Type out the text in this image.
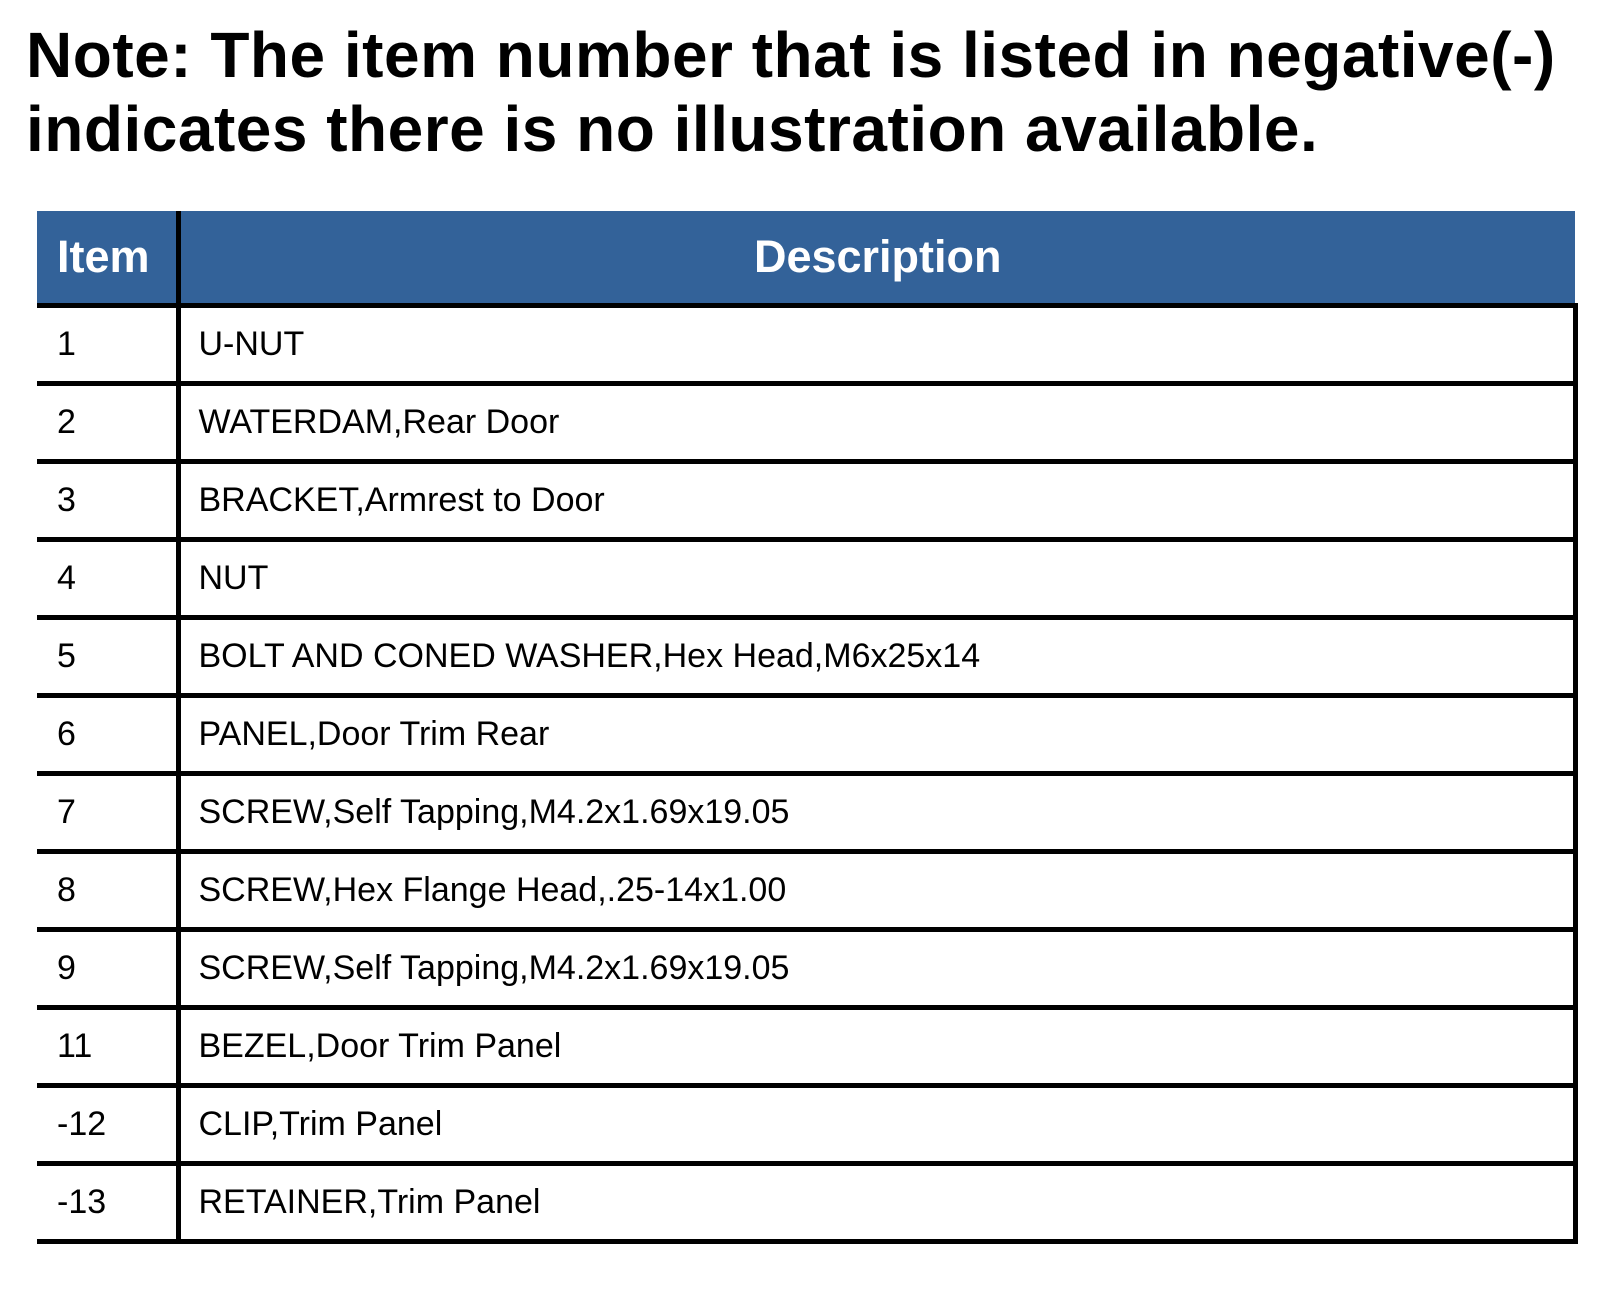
Note: The item number that is listed in negative(-)
indicates there is no illustration available.
Item	Description
1	U-NUT
2	WATERDAM,Rear Door
3	BRACKET,Armrest to Door
4	NUT
5	BOLT AND CONED WASHER,Hex Head,M6x25x14
6	PANEL,Door Trim Rear
7	SCREW,Self Tapping,M4.2x1.69x19.05
8	SCREW,Hex Flange Head,.25-14x1.00
9	SCREW,Self Tapping,M4.2x1.69x19.05
11	BEZEL,Door Trim Panel
-12	CLIP,Trim Panel
-13	RETAINER,Trim Panel
